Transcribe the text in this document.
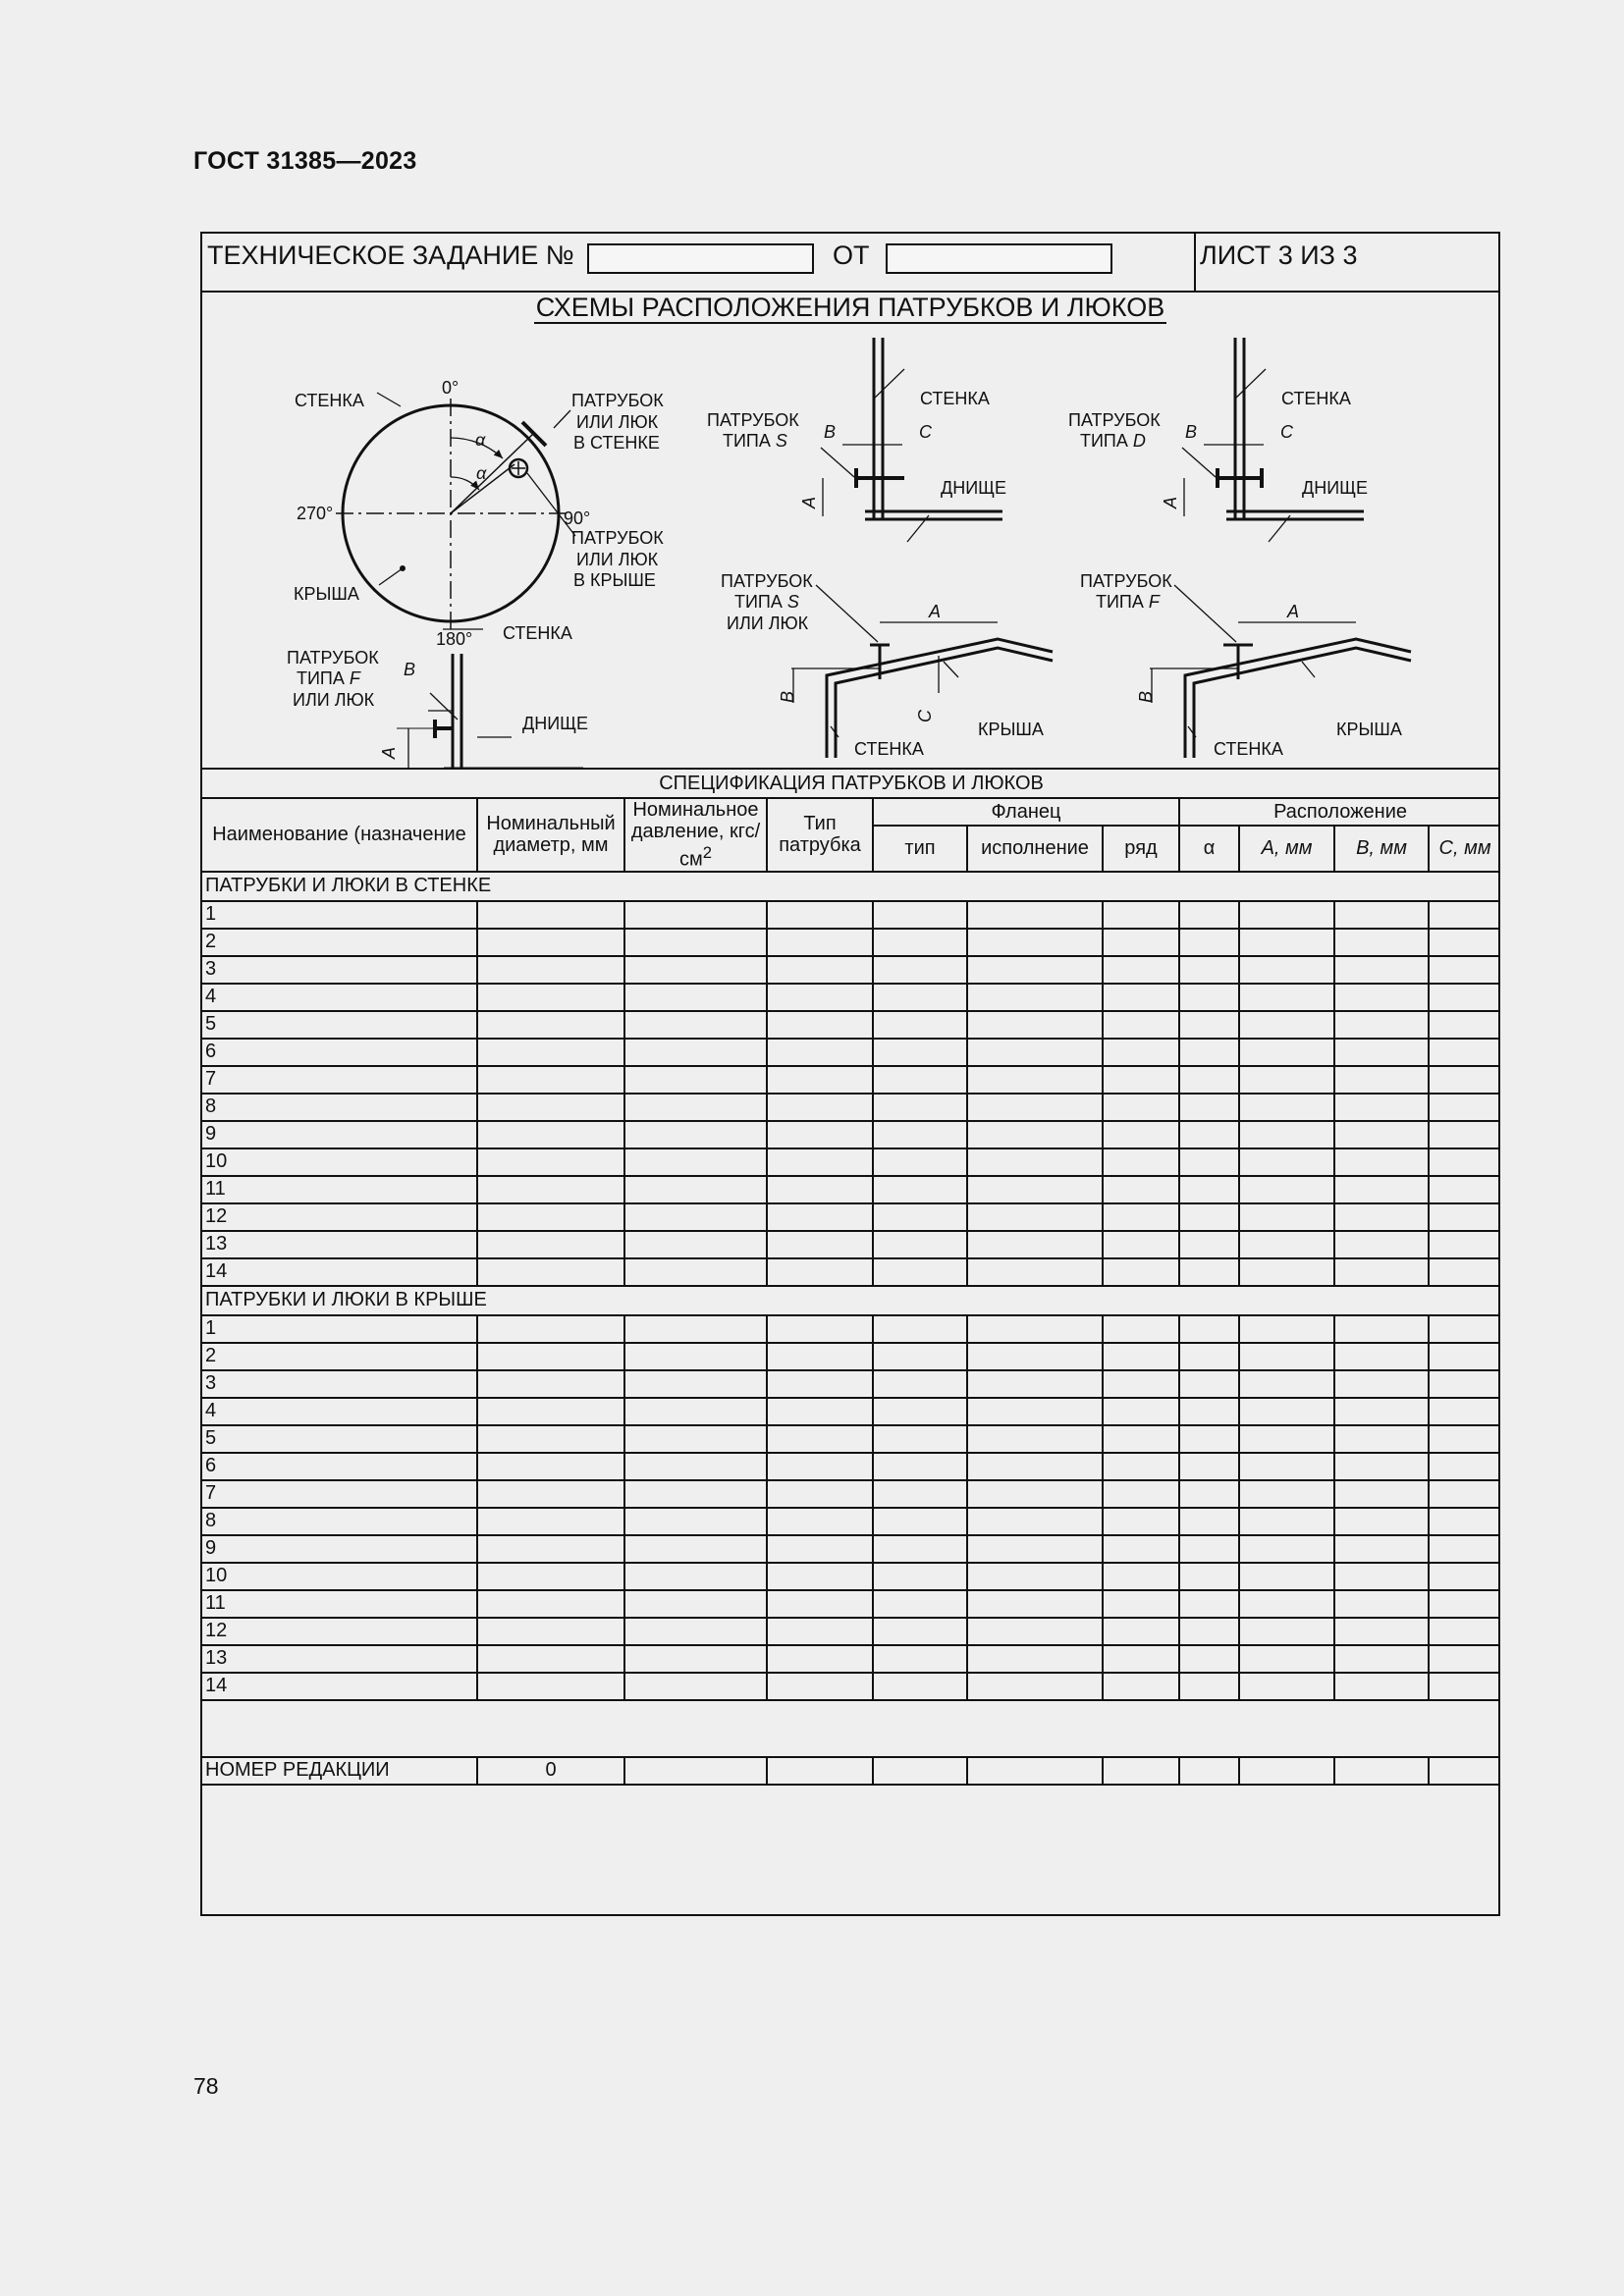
ГОСТ 31385—2023
ТЕХНИЧЕСКОЕ ЗАДАНИЕ №	ОТ	ЛИСТ 3 ИЗ 3
СХЕМЫ РАСПОЛОЖЕНИЯ ПАТРУБКОВ И ЛЮКОВ
СТЕНКА
0°
270°	90°
180°
КРЫША
α
α
ПАТРУБОК
ИЛИ ЛЮК
В СТЕНКЕ
ПАТРУБОК
ИЛИ ЛЮК
В КРЫШЕ
ПАТРУБОК
ТИПА F
ИЛИ ЛЮК
СТЕНКА
ДНИЩЕ
B
A
ПАТРУБОК
ТИПА S
СТЕНКА
ДНИЩЕ
B	C
A
ПАТРУБОК
ТИПА D
СТЕНКА
ДНИЩЕ
B	C
A
ПАТРУБОК
ТИПА S
ИЛИ ЛЮК
СТЕНКА
КРЫША
A
B
C
ПАТРУБОК
ТИПА F
СТЕНКА
КРЫША
A
B
СПЕЦИФИКАЦИЯ ПАТРУБКОВ И ЛЮКОВ										
Наименование (назначение	Номинальный диаметр, мм	Номинальное давление, кгс/$см^2$	Тип патрубка	Фланец			Расположение			
				тип	исполнение	ряд	α	A, мм	B, мм	C, мм
ПАТРУБКИ И ЛЮКИ В СТЕНКЕ										
1										
2										
3										
4										
5										
6										
7										
8										
9										
10										
11										
12										
13										
14										
ПАТРУБКИ И ЛЮКИ В КРЫШЕ										
1										
2										
3										
4										
5										
6										
7										
8										
9										
10										
11										
12										
13										
14										

НОМЕР РЕДАКЦИИ	0									
78
